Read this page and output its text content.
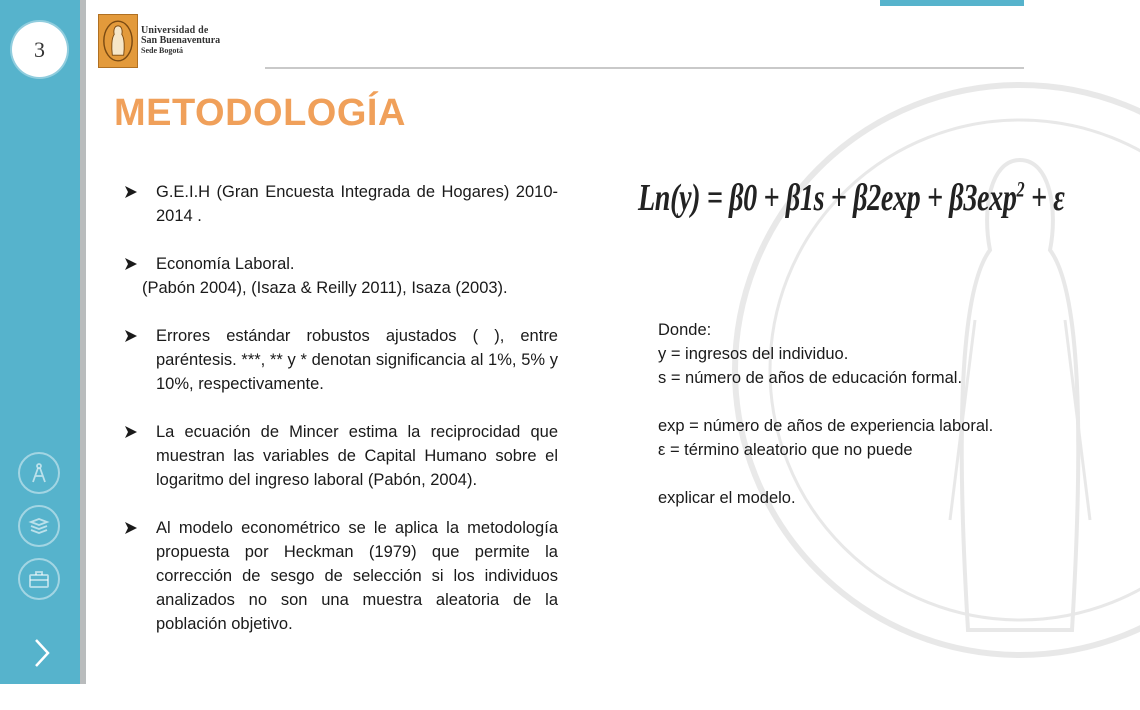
3
Universidad de
San Buenaventura
Sede Bogotá
METODOLOGÍA

G.E.I.H (Gran Encuesta Integrada de Hogares) 2010-2014 .

Economía Laboral.

(Pabón 2004), (Isaza & Reilly 2011), Isaza (2003).

Errores estándar robustos ajustados ( ), entre paréntesis. ***, ** y * denotan significancia al 1%, 5% y 10%, respectivamente.

La ecuación de Mincer estima la reciprocidad que muestran las variables de Capital Humano sobre el logaritmo del ingreso laboral (Pabón, 2004).

Al modelo econométrico se le aplica la metodología propuesta por Heckman (1979) que permite la corrección de sesgo de selección si los individuos analizados no son una muestra aleatoria de la población objetivo.

$Ln(y) = \beta 0 + \beta 1s + \beta 2\exp + \beta 3\exp^2 + \varepsilon$

Donde:

y = ingresos del individuo.

s = número de años de educación formal.

exp = número de años de experiencia laboral.

ε = término aleatorio que no puede

explicar el modelo.
